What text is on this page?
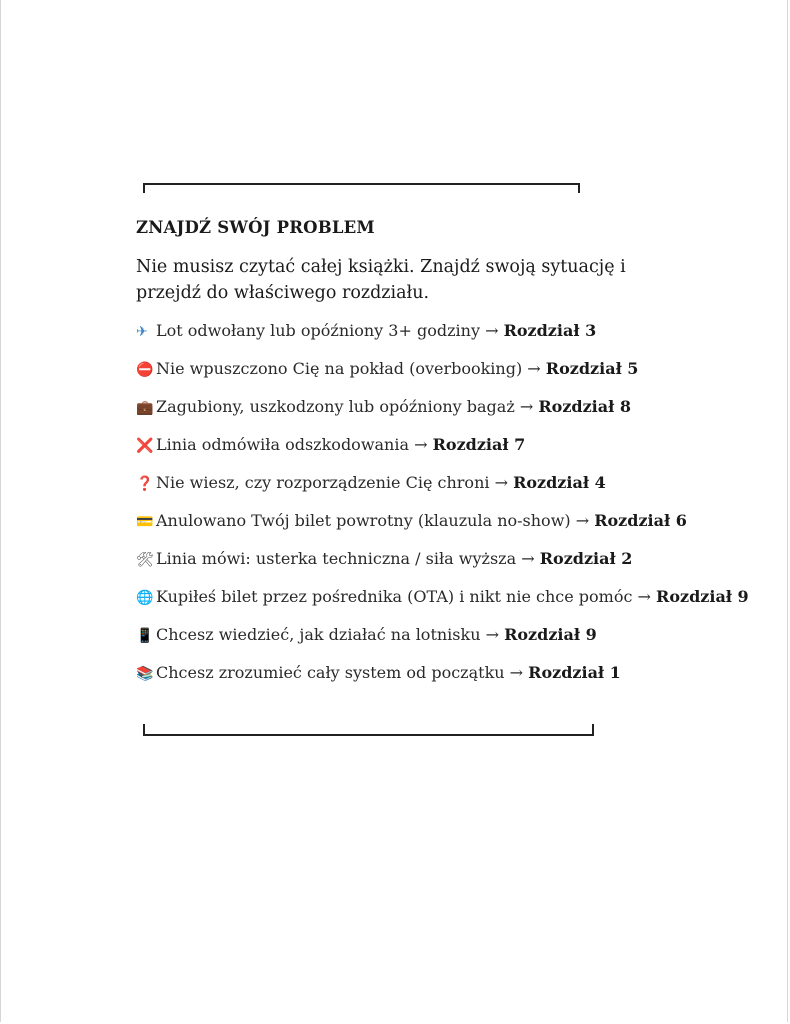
ZNAJDŹ SWÓJ PROBLEM

Nie musisz czytać całej książki. Znajdź swoją sytuację i przejdź do właściwego rozdziału.

✈ Lot odwołany lub opóźniony 3+ godziny → Rozdział 3
⛔ Nie wpuszczono Cię na pokład (overbooking) → Rozdział 5
💼 Zagubiony, uszkodzony lub opóźniony bagaż → Rozdział 8
❌ Linia odmówiła odszkodowania → Rozdział 7
❓ Nie wiesz, czy rozporządzenie Cię chroni → Rozdział 4
💳 Anulowano Twój bilet powrotny (klauzula no-show) → Rozdział 6
🛠 Linia mówi: usterka techniczna / siła wyższa → Rozdział 2
🌐 Kupiłeś bilet przez pośrednika (OTA) i nikt nie chce pomóc → Rozdział 9
📱 Chcesz wiedzieć, jak działać na lotnisku → Rozdział 9
📚 Chcesz zrozumieć cały system od początku → Rozdział 1
